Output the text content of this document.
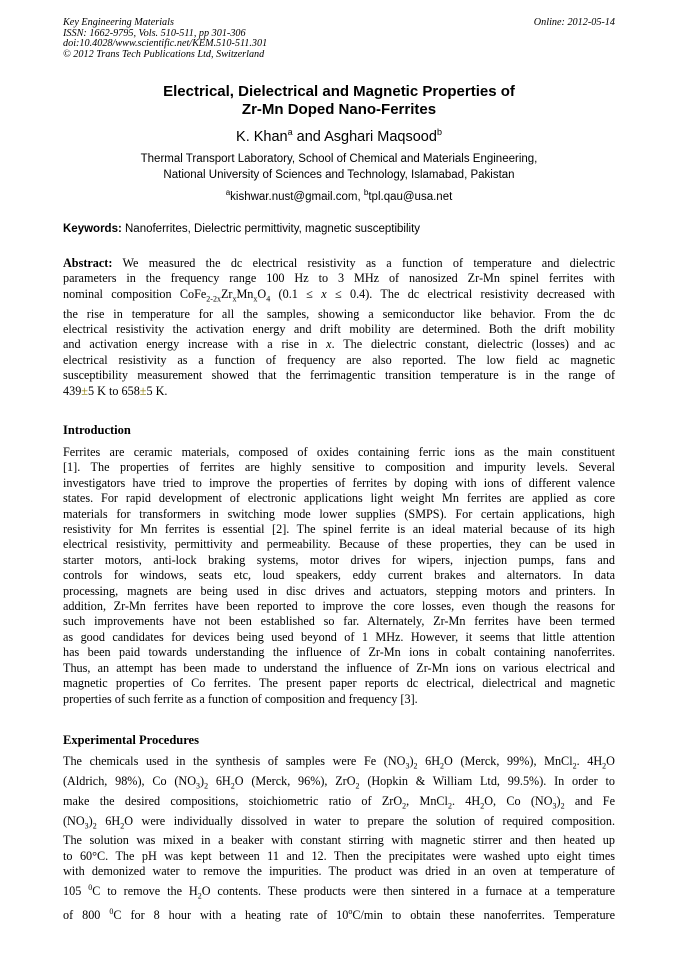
Key Engineering Materials
ISSN: 1662-9795, Vols. 510-511, pp 301-306
doi:10.4028/www.scientific.net/KEM.510-511.301
© 2012 Trans Tech Publications Ltd, Switzerland
Online: 2012-05-14
Electrical, Dielectrical and Magnetic Properties of
Zr-Mn Doped Nano-Ferrites
K. Khan$^a$ and Asghari Maqsood$^b$
Thermal Transport Laboratory, School of Chemical and Materials Engineering,
National University of Sciences and Technology, Islamabad, Pakistan
$^a$kishwar.nust@gmail.com, $^b$tpl.qau@usa.net
Keywords: Nanoferrites, Dielectric permittivity, magnetic susceptibility
Abstract: We measured the dc electrical resistivity as a function of temperature and dielectric
parameters in the frequency range 100 Hz to 3 MHz of nanosized Zr-Mn spinel ferrites with
nominal composition $CoFe_{2-2x}Zr_xMn_xO_4$ (0.1 ≤ x ≤ 0.4). The dc electrical resistivity decreased with
the rise in temperature for all the samples, showing a semiconductor like behavior. From the dc
electrical resistivity the activation energy and drift mobility are determined. Both the drift mobility
and activation energy increase with a rise in x. The dielectric constant, dielectric (losses) and ac
electrical resistivity as a function of frequency are also reported. The low field ac magnetic
susceptibility measurement showed that the ferrimagentic transition temperature is in the range of
439±5 K to 658±5 K.
Introduction
Ferrites are ceramic materials, composed of oxides containing ferric ions as the main constituent
[1]. The properties of ferrites are highly sensitive to composition and impurity levels. Several
investigators have tried to improve the properties of ferrites by doping with ions of different valence
states. For rapid development of electronic applications light weight Mn ferrites are applied as core
materials for transformers in switching mode lower supplies (SMPS). For certain applications, high
resistivity for Mn ferrites is essential [2]. The spinel ferrite is an ideal material because of its high
electrical resistivity, permittivity and permeability. Because of these properties, they can be used in
starter motors, anti-lock braking systems, motor drives for wipers, injection pumps, fans and
controls for windows, seats etc, loud speakers, eddy current brakes and alternators. In data
processing, magnets are being used in disc drives and actuators, stepping motors and printers. In
addition, Zr-Mn ferrites have been reported to improve the core losses, even though the reasons for
such improvements have not been established so far. Alternately, Zr-Mn ferrites have been termed
as good candidates for devices being used beyond of 1 MHz. However, it seems that little attention
has been paid towards understanding the influence of Zr-Mn ions in cobalt containing nanoferrites.
Thus, an attempt has been made to understand the influence of Zr-Mn ions on various electrical and
magnetic properties of Co ferrites. The present paper reports dc electrical, dielectrical and magnetic
properties of such ferrite as a function of composition and frequency [3].
Experimental Procedures
The chemicals used in the synthesis of samples were Fe $(NO_3)_2$ $6H_2O$ (Merck, 99%), MnCl$_2$. $4H_2O$
(Aldrich, 98%), Co $(NO_3)_2$ $6H_2O$ (Merck, 96%), ZrO$_2$ (Hopkin & William Ltd, 99.5%). In order to
make the desired compositions, stoichiometric ratio of ZrO$_2$, MnCl$_2$. $4H_2O$, Co $(NO_3)_2$ and Fe
$(NO_3)_2$ $6H_2O$ were individually dissolved in water to prepare the solution of required composition.
The solution was mixed in a beaker with constant stirring with magnetic stirrer and then heated up
to 60°C. The pH was kept between 11 and 12. Then the precipitates were washed upto eight times
with demonized water to remove the impurities. The product was dried in an oven at temperature of
105 $^0$C to remove the $H_2O$ contents. These products were then sintered in a furnace at a temperature
of 800 $^0$C for 8 hour with a heating rate of 10$^o$C/min to obtain these nanoferrites. Temperature
